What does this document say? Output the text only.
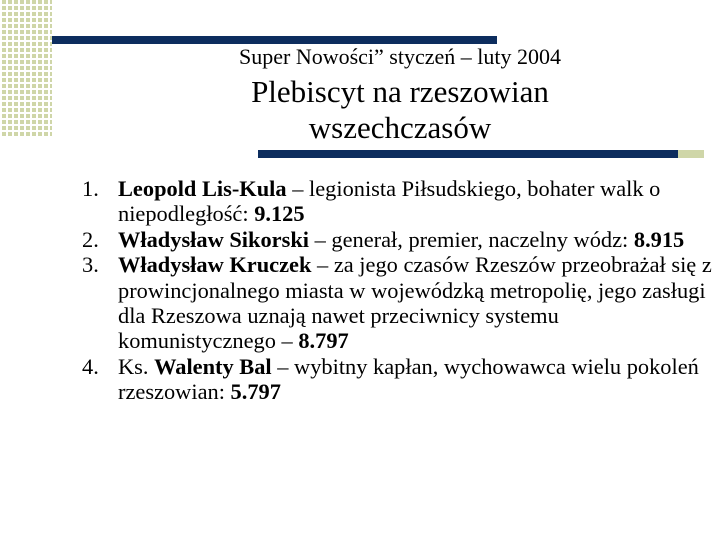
Super Nowości” styczeń – luty 2004
Plebiscyt na rzeszowian
wszechczasów
1. Leopold Lis-Kula – legionista Piłsudskiego, bohater walk o niepodległość: 9.125
2. Władysław Sikorski – generał, premier, naczelny wódz: 8.915
3. Władysław Kruczek – za jego czasów Rzeszów przeobrażał się z prowincjonalnego miasta w wojewódzką metropolię, jego zasługi dla Rzeszowa uznają nawet przeciwnicy systemu komunistycznego – 8.797
4. Ks. Walenty Bal – wybitny kapłan, wychowawca wielu pokoleń rzeszowian: 5.797
